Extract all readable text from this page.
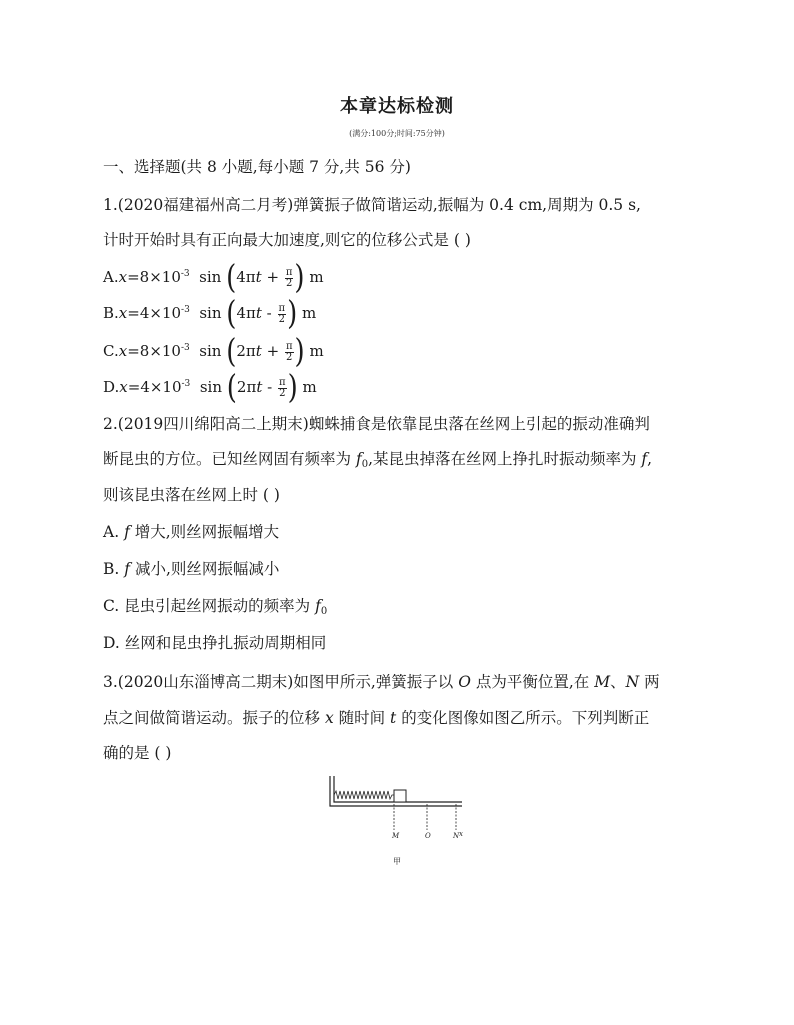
本章达标检测
(满分:100分;时间:75分钟)
一、选择题(共 8 小题,每小题 7 分,共 56 分)
1.(2020福建福州高二月考)弹簧振子做简谐运动,振幅为 0.4 cm,周期为 0.5 s,
计时开始时具有正向最大加速度,则它的位移公式是 ( )
$A.x=8\times 10^{-3}$  $\sin (4\pi t + \frac{\pi}{2}$ ) m
$B.x=4\times 10^{-3}$  $\sin (4\pi t - \frac{\pi}{2}$ ) m
$C.x=8\times 10^{-3}$  $\sin (2\pi t + \frac{\pi}{2}$ ) m
$D.x=4\times 10^{-3}$  $\sin (2\pi t - \frac{\pi}{2}$ ) m
2.(2019四川绵阳高二上期末)蜘蛛捕食是依靠昆虫落在丝网上引起的振动准确判
断昆虫的方位。已知丝网固有频率为 $f_0$,某昆虫掉落在丝网上挣扎时振动频率为 f,
则该昆虫落在丝网上时 ( )
A. f 增大,则丝网振幅增大
B. f 减小,则丝网振幅减小
C. 昆虫引起丝网振动的频率为 $f_0$
D. 丝网和昆虫挣扎振动周期相同
3.(2020山东淄博高二期末)如图甲所示,弹簧振子以 O 点为平衡位置,在 M、N 两
点之间做简谐运动。振子的位移 x 随时间 t 的变化图像如图乙所示。下列判断正
确的是 ( )
M	O	N x
甲
